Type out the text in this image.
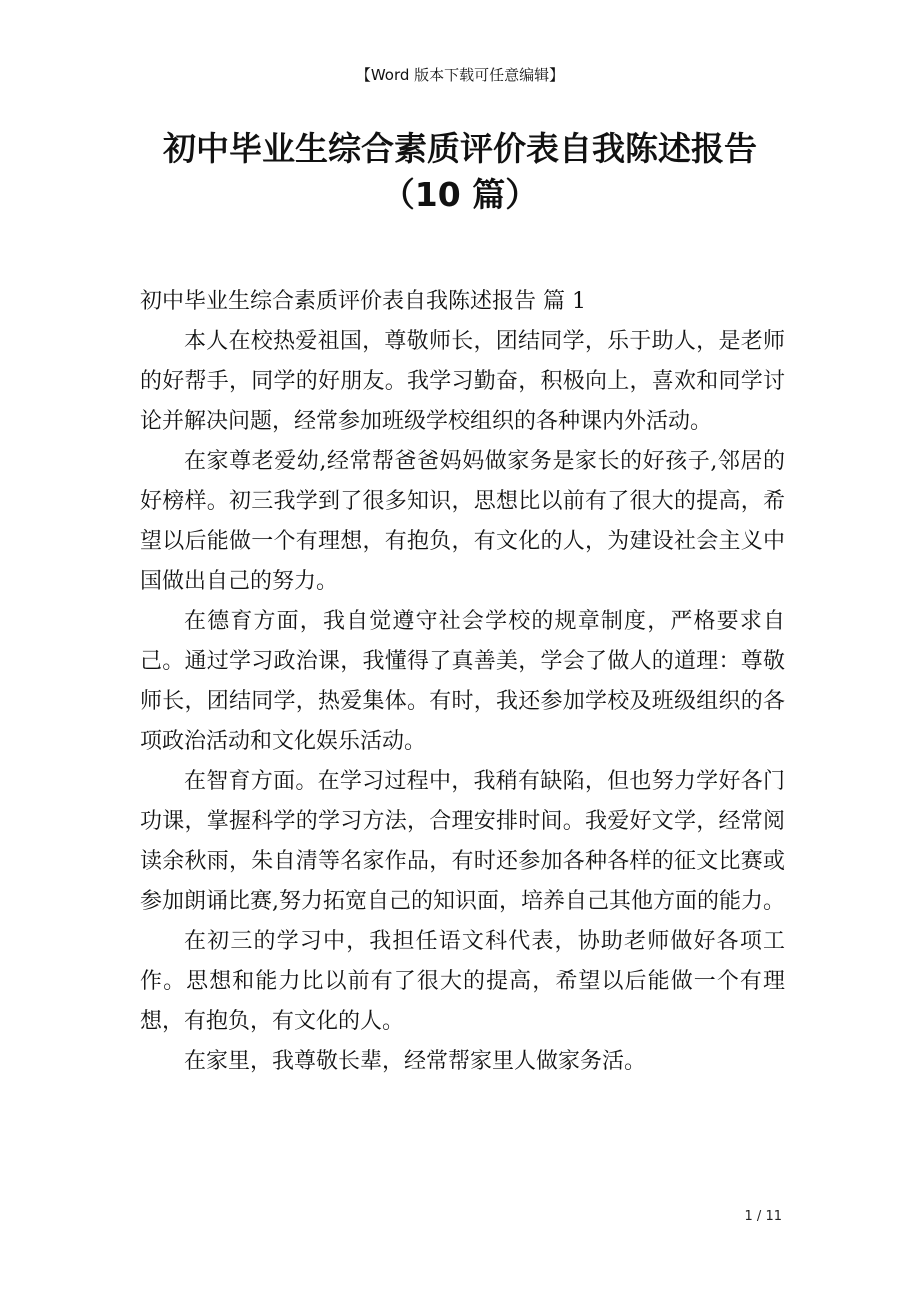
【Word 版本下载可任意编辑】
初中毕业生综合素质评价表自我陈述报告
（10 篇）

初中毕业生综合素质评价表自我陈述报告 篇 1

本人在校热爱祖国，尊敬师长，团结同学，乐于助人，是老师的好帮手，同学的好朋友。我学习勤奋，积极向上，喜欢和同学讨论并解决问题，经常参加班级学校组织的各种课内外活动。

在家尊老爱幼,经常帮爸爸妈妈做家务是家长的好孩子,邻居的好榜样。初三我学到了很多知识，思想比以前有了很大的提高，希望以后能做一个有理想，有抱负，有文化的人，为建设社会主义中国做出自己的努力。

在德育方面，我自觉遵守社会学校的规章制度，严格要求自己。通过学习政治课，我懂得了真善美，学会了做人的道理：尊敬师长，团结同学，热爱集体。有时，我还参加学校及班级组织的各项政治活动和文化娱乐活动。

在智育方面。在学习过程中，我稍有缺陷，但也努力学好各门功课，掌握科学的学习方法，合理安排时间。我爱好文学，经常阅读余秋雨，朱自清等名家作品，有时还参加各种各样的征文比赛或参加朗诵比赛,努力拓宽自己的知识面，培养自己其他方面的能力。

在初三的学习中，我担任语文科代表，协助老师做好各项工作。思想和能力比以前有了很大的提高，希望以后能做一个有理想，有抱负，有文化的人。

在家里，我尊敬长辈，经常帮家里人做家务活。

1 / 11
